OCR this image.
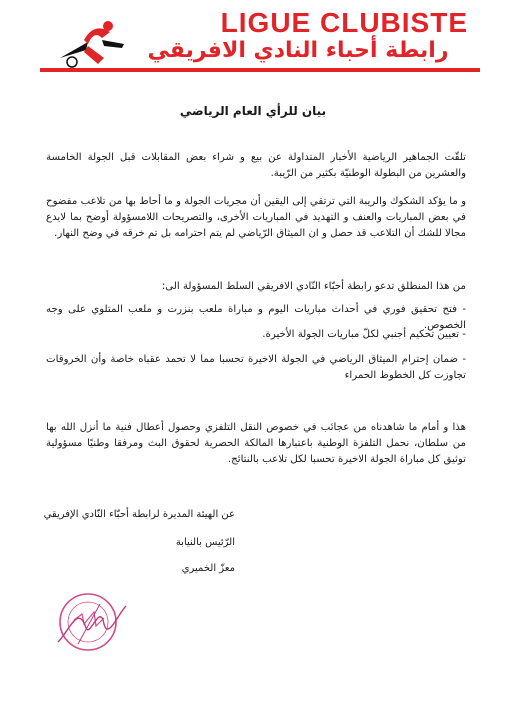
LIGUE CLUBISTE
رابطة أحباء النادي الافريقي
بيان للرأي العام الرياضي
تلقّت الجماهير الرياضية الأخبار المتداولة عن بيع و شراء بعض المقابلات قبل الجولة الخامسة والعشرين من البطولة الوطنيّة بكثير من الرّيبة.
و ما يؤكد الشكوك والريبة التي ترتقي إلى اليقين أن مجريات الجولة و ما أحاط بها من تلاعب مفضوح في بعض المباريات والعنف و التهديد في المباريات الأخرى، والتصريحات اللامسؤولة أوضح بما لايدع مجالا للشك أن التلاعب قد حصل و ان الميثاق الرّياضي لم يتم احترامه بل تم خرقه في وضح النهار.
من هذا المنطلق تدعو رابطة أحبّاء النّادي الافريقي السلط المسؤولة الى:
- فتح تحقيق فوري في أحداث مباريات اليوم و مباراة ملعب بنزرت و ملعب المتلوي على وجه الخصوص.
- تعيين تحكيم أجنبي لكلّ مباريات الجولة الأخيرة.
- ضمان إحترام الميثاق الرياضي في الجولة الاخيرة تحسبا مما لا تحمد عقباه خاصة وأن الخروقات تجاوزت كل الخطوط الحمراء
هذا و أمام ما شاهدناه من عجائب في خصوص النقل التلفزي وحصول أعطال فنية ما أنزل الله بها من سلطان، نحمل التلفزة الوطنية باعتبارها المالكة الحصرية لحقوق البث ومرفقا وطنيًا مسؤولية توثيق كل مباراة الجولة الاخيرة تحسبا لكل تلاعب بالنتائج.
عن الهيئة المديرة لرابطة أحبّاء النّادي الإفريقي
الرّئيس بالنيابة
معزّ الخميري
